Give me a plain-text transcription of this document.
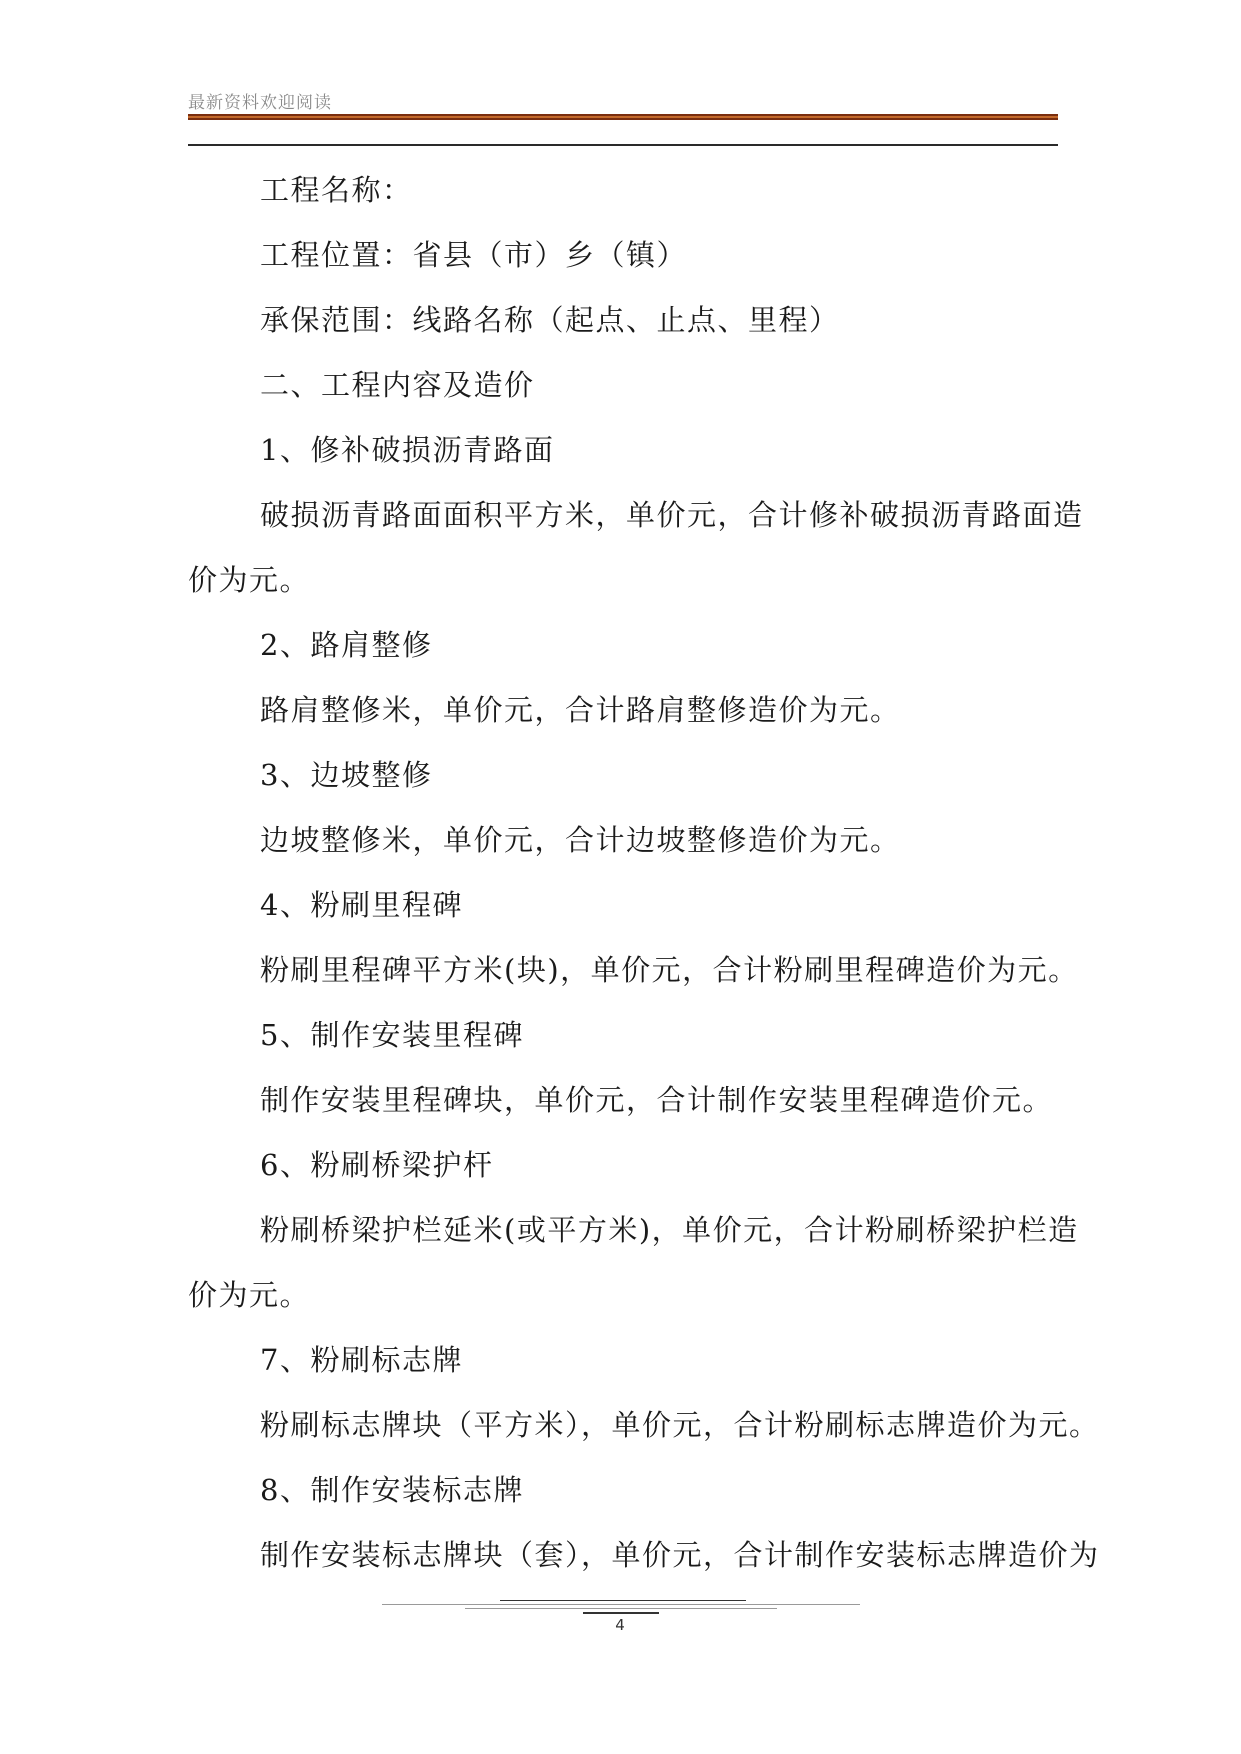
最新资料欢迎阅读
工程名称：
工程位置：省县（市）乡（镇）
承保范围：线路名称（起点、止点、里程）
二、工程内容及造价
1、修补破损沥青路面
破损沥青路面面积平方米，单价元，合计修补破损沥青路面造
价为元。
2、路肩整修
路肩整修米，单价元，合计路肩整修造价为元。
3、边坡整修
边坡整修米，单价元，合计边坡整修造价为元。
4、粉刷里程碑
粉刷里程碑平方米(块)，单价元，合计粉刷里程碑造价为元。
5、制作安装里程碑
制作安装里程碑块，单价元，合计制作安装里程碑造价元。
6、粉刷桥梁护杆
粉刷桥梁护栏延米(或平方米)，单价元，合计粉刷桥梁护栏造
价为元。
7、粉刷标志牌
粉刷标志牌块（平方米），单价元，合计粉刷标志牌造价为元。
8、制作安装标志牌
制作安装标志牌块（套），单价元，合计制作安装标志牌造价为
4
